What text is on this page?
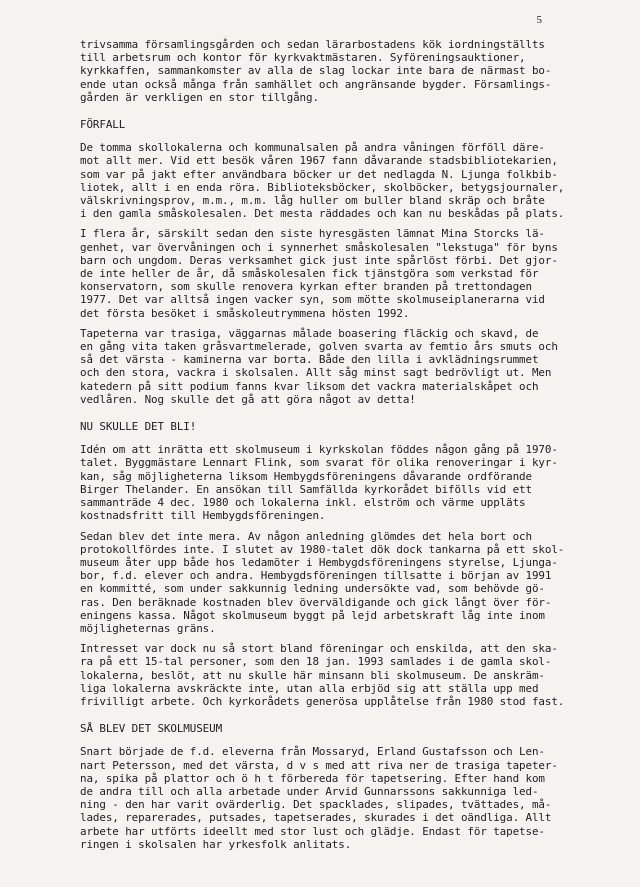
5
trivsamma församlingsgården och sedan lärarbostadens kök iordningställts
till arbetsrum och kontor för kyrkvaktmästaren. Syföreningsauktioner,
kyrkkaffen, sammankomster av alla de slag lockar inte bara de närmast bo-
ende utan också många från samhället och angränsande bygder. Församlings-
gården är verkligen en stor tillgång.
FÖRFALL
De tomma skollokalerna och kommunalsalen på andra våningen förföll däre-
mot allt mer. Vid ett besök våren 1967 fann dåvarande stadsbibliotekarien,
som var på jakt efter användbara böcker ur det nedlagda N. Ljunga folkbib-
liotek, allt i en enda röra. Biblioteksböcker, skolböcker, betygsjournaler,
välskrivningsprov, m.m., m.m. låg huller om buller bland skräp och bråte
i den gamla småskolesalen. Det mesta räddades och kan nu beskådas på plats.
I flera år, särskilt sedan den siste hyresgästen lämnat Mina Storcks lä-
genhet, var övervåningen och i synnerhet småskolesalen "lekstuga" för byns
barn och ungdom. Deras verksamhet gick just inte spårlöst förbi. Det gjor-
de inte heller de år, då småskolesalen fick tjänstgöra som verkstad för
konservatorn, som skulle renovera kyrkan efter branden på trettondagen
1977. Det var alltså ingen vacker syn, som mötte skolmuseiplanerarna vid
det första besöket i småskoleutrymmena hösten 1992.
Tapeterna var trasiga, väggarnas målade boasering fläckig och skavd, de
en gång vita taken gråsvartmelerade, golven svarta av femtio års smuts och
så det värsta - kaminerna var borta. Både den lilla i avklädningsrummet
och den stora, vackra i skolsalen. Allt såg minst sagt bedrövligt ut. Men
katedern på sitt podium fanns kvar liksom det vackra materialskåpet och
vedlåren. Nog skulle det gå att göra något av detta!
NU SKULLE DET BLI!
Idén om att inrätta ett skolmuseum i kyrkskolan föddes någon gång på 1970-
talet. Byggmästare Lennart Flink, som svarat för olika renoveringar i kyr-
kan, såg möjligheterna liksom Hembygdsföreningens dåvarande ordförande
Birger Thelander. En ansökan till Samfällda kyrkorådet bifölls vid ett
sammanträde 4 dec. 1980 och lokalerna inkl. elström och värme uppläts
kostnadsfritt till Hembygdsföreningen.
Sedan blev det inte mera. Av någon anledning glömdes det hela bort och
protokollfördes inte. I slutet av 1980-talet dök dock tankarna på ett skol-
museum åter upp både hos ledamöter i Hembygdsföreningens styrelse, Ljunga-
bor, f.d. elever och andra. Hembygdsföreningen tillsatte i början av 1991
en kommitté, som under sakkunnig ledning undersökte vad, som behövde gö-
ras. Den beräknade kostnaden blev överväldigande och gick långt över för-
eningens kassa. Något skolmuseum byggt på lejd arbetskraft låg inte inom
möjligheternas gräns.
Intresset var dock nu så stort bland föreningar och enskilda, att den ska-
ra på ett 15-tal personer, som den 18 jan. 1993 samlades i de gamla skol-
lokalerna, beslöt, att nu skulle här minsann bli skolmuseum. De anskräm-
liga lokalerna avskräckte inte, utan alla erbjöd sig att ställa upp med
frivilligt arbete. Och kyrkorådets generösa upplåtelse från 1980 stod fast.
SÅ BLEV DET SKOLMUSEUM
Snart började de f.d. eleverna från Mossaryd, Erland Gustafsson och Len-
nart Petersson, med det värsta, d v s med att riva ner de trasiga tapeter-
na, spika på plattor och ö h t förbereda för tapetsering. Efter hand kom
de andra till och alla arbetade under Arvid Gunnarssons sakkunniga led-
ning - den har varit ovärderlig. Det spacklades, slipades, tvättades, må-
lades, reparerades, putsades, tapetserades, skurades i det oändliga. Allt
arbete har utförts ideellt med stor lust och glädje. Endast för tapetse-
ringen i skolsalen har yrkesfolk anlitats.
